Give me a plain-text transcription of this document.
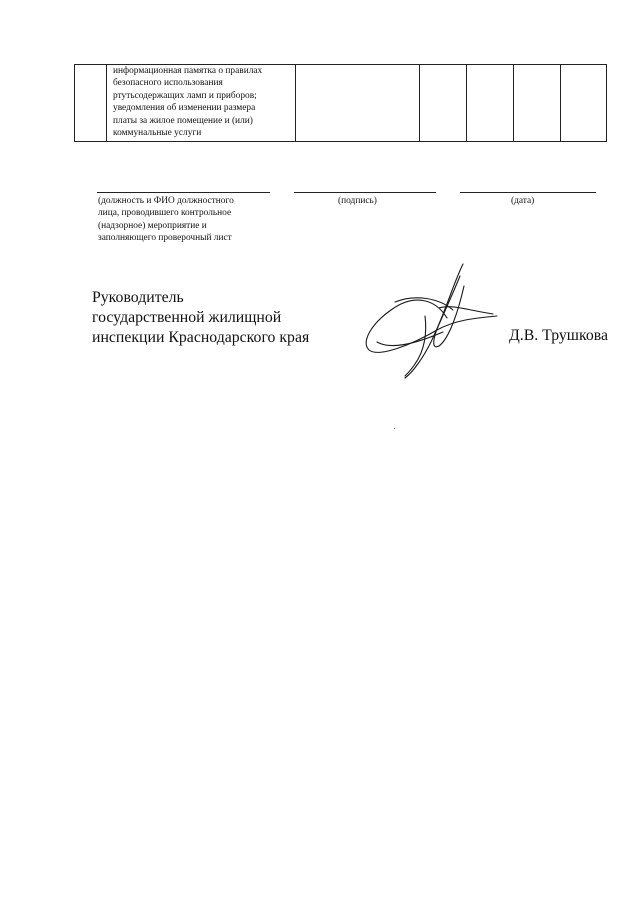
информационная памятка о правилах
безопасного использования
ртутьсодержащих ламп и приборов;
уведомления об изменении размера
платы за жилое помещение и (или)
коммунальные услуги

(должность и ФИО должностного
лица, проводившего контрольное
(надзорное) мероприятие и
заполняющего проверочный лист
(подпись)	(дата)
Руководитель
государственной жилищной
инспекции Краснодарского края	Д.В. Трушкова
